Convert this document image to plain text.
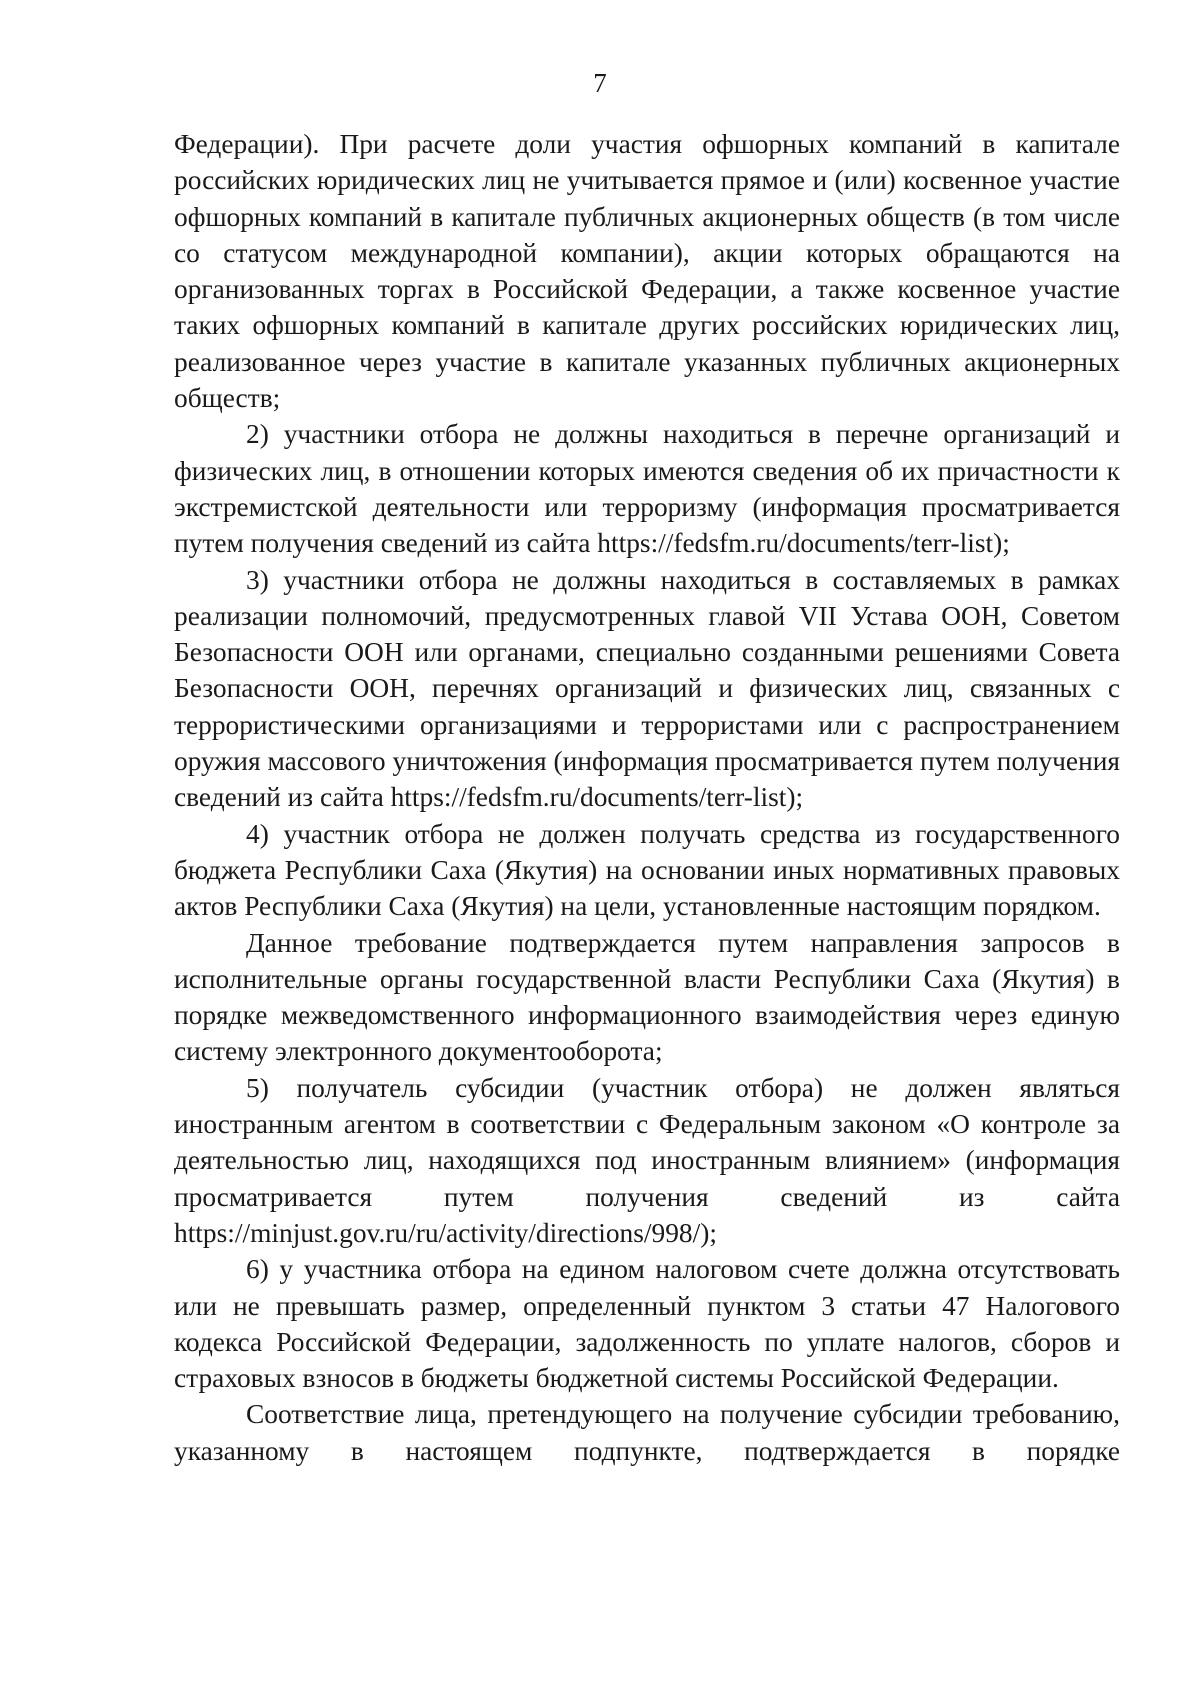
7

Федерации). При расчете доли участия офшорных компаний в капитале российских юридических лиц не учитывается прямое и (или) косвенное участие офшорных компаний в капитале публичных акционерных обществ (в том числе со статусом международной компании), акции которых обращаются на организованных торгах в Российской Федерации, а также косвенное участие таких офшорных компаний в капитале других российских юридических лиц, реализованное через участие в капитале указанных публичных акционерных обществ;

2) участники отбора не должны находиться в перечне организаций и физических лиц, в отношении которых имеются сведения об их причастности к экстремистской деятельности или терроризму (информация просматривается путем получения сведений из сайта https://fedsfm.ru/documents/terr-list);

3) участники отбора не должны находиться в составляемых в рамках реализации полномочий, предусмотренных главой VII Устава ООН, Советом Безопасности ООН или органами, специально созданными решениями Совета Безопасности ООН, перечнях организаций и физических лиц, связанных с террористическими организациями и террористами или с распространением оружия массового уничтожения (информация просматривается путем получения сведений из сайта https://fedsfm.ru/documents/terr-list);

4) участник отбора не должен получать средства из государственного бюджета Республики Саха (Якутия) на основании иных нормативных правовых актов Республики Саха (Якутия) на цели, установленные настоящим порядком.

Данное требование подтверждается путем направления запросов в исполнительные органы государственной власти Республики Саха (Якутия) в порядке межведомственного информационного взаимодействия через единую систему электронного документооборота;

5) получатель субсидии (участник отбора) не должен являться иностранным агентом в соответствии с Федеральным законом «О контроле за деятельностью лиц, находящихся под иностранным влиянием» (информация просматривается путем получения сведений из сайта https://minjust.gov.ru/ru/activity/directions/998/);

6) у участника отбора на едином налоговом счете должна отсутствовать или не превышать размер, определенный пунктом 3 статьи 47 Налогового кодекса Российской Федерации, задолженность по уплате налогов, сборов и страховых взносов в бюджеты бюджетной системы Российской Федерации.

Соответствие лица, претендующего на получение субсидии требованию, указанному в настоящем подпункте, подтверждается в порядке
